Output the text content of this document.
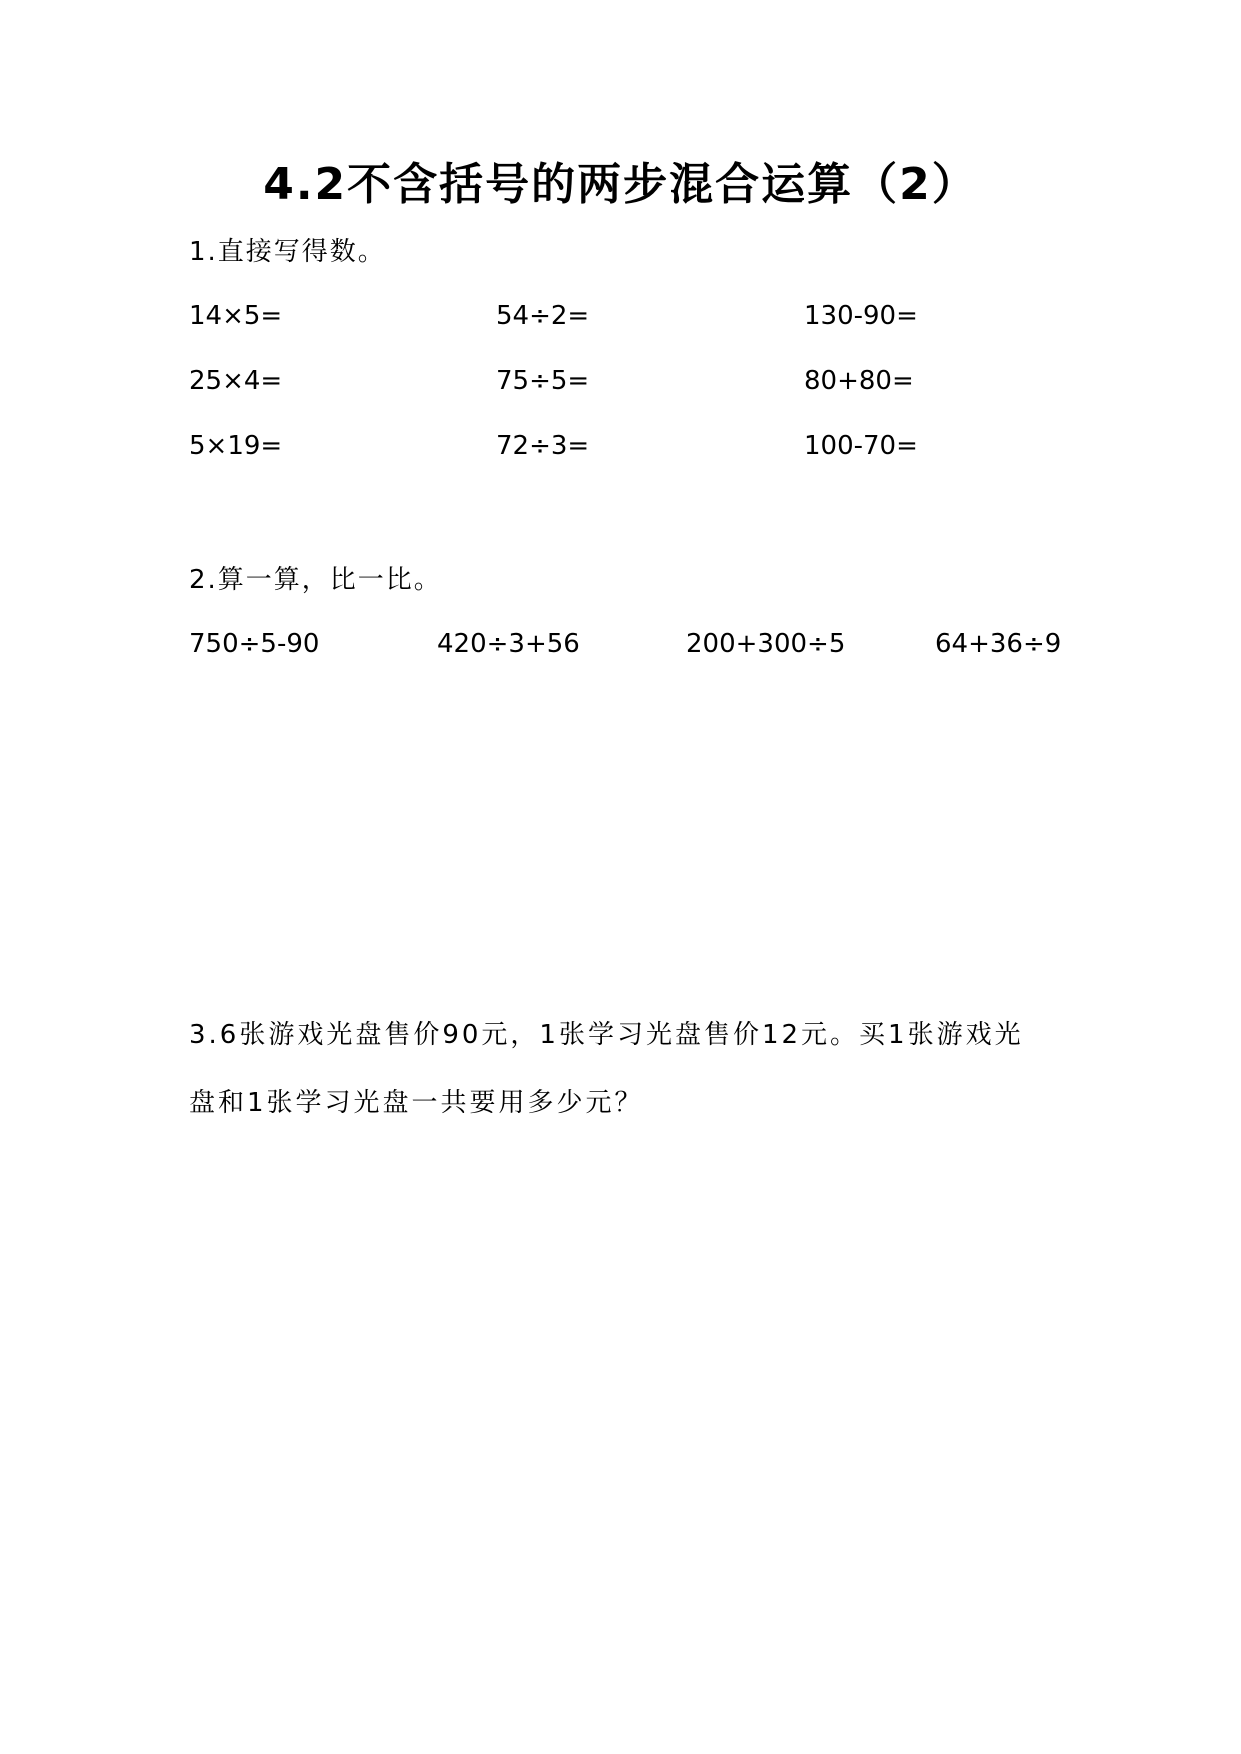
4.2不含括号的两步混合运算（2）
1.直接写得数。
14×5=	54÷2=	130-90=
25×4=	75÷5=	80+80=
5×19=	72÷3=	100-70=
2.算一算，比一比。
750÷5-90	420÷3+56	200+300÷5	64+36÷9
3.6张游戏光盘售价90元，1张学习光盘售价12元。买1张游戏光
盘和1张学习光盘一共要用多少元？
